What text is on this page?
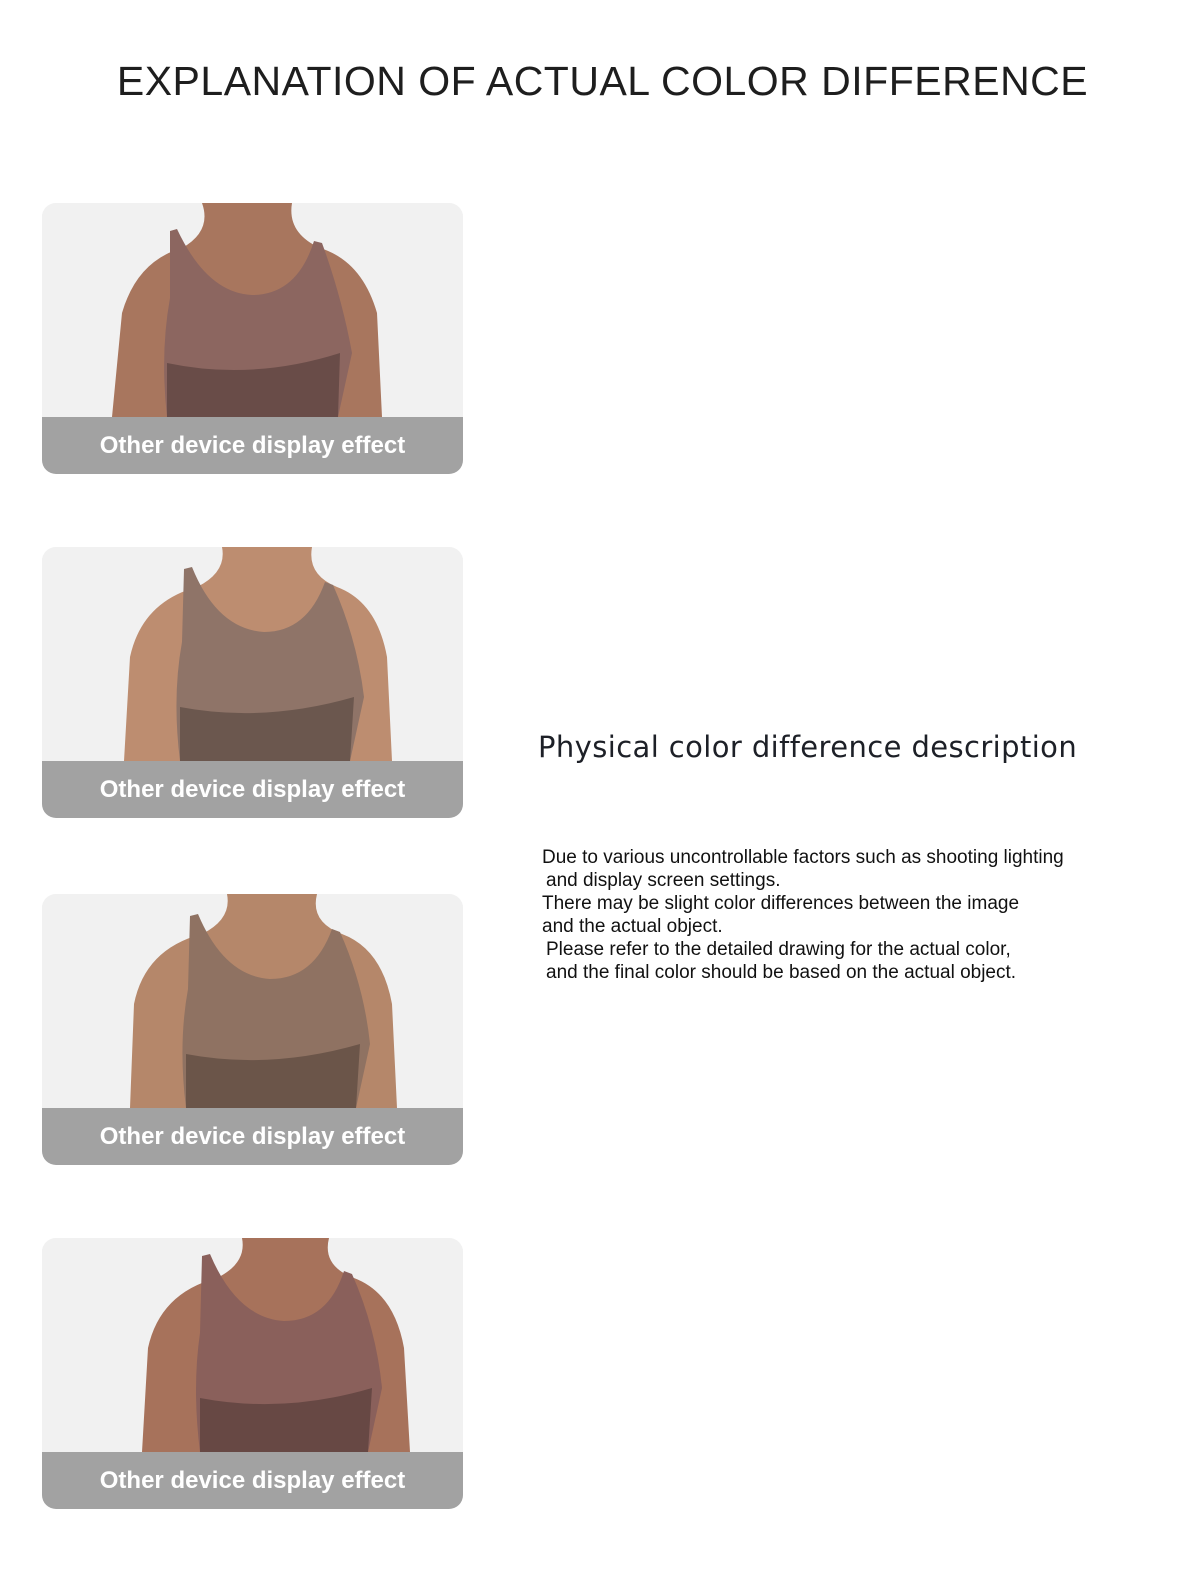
EXPLANATION OF ACTUAL COLOR DIFFERENCE
Other device display effect
Other device display effect
Other device display effect
Other device display effect
Physical color difference description

Due to various uncontrollable factors such as shooting lighting

and display screen settings.

There may be slight color differences between the image

and the actual object.

Please refer to the detailed drawing for the actual color,

and the final color should be based on the actual object.
